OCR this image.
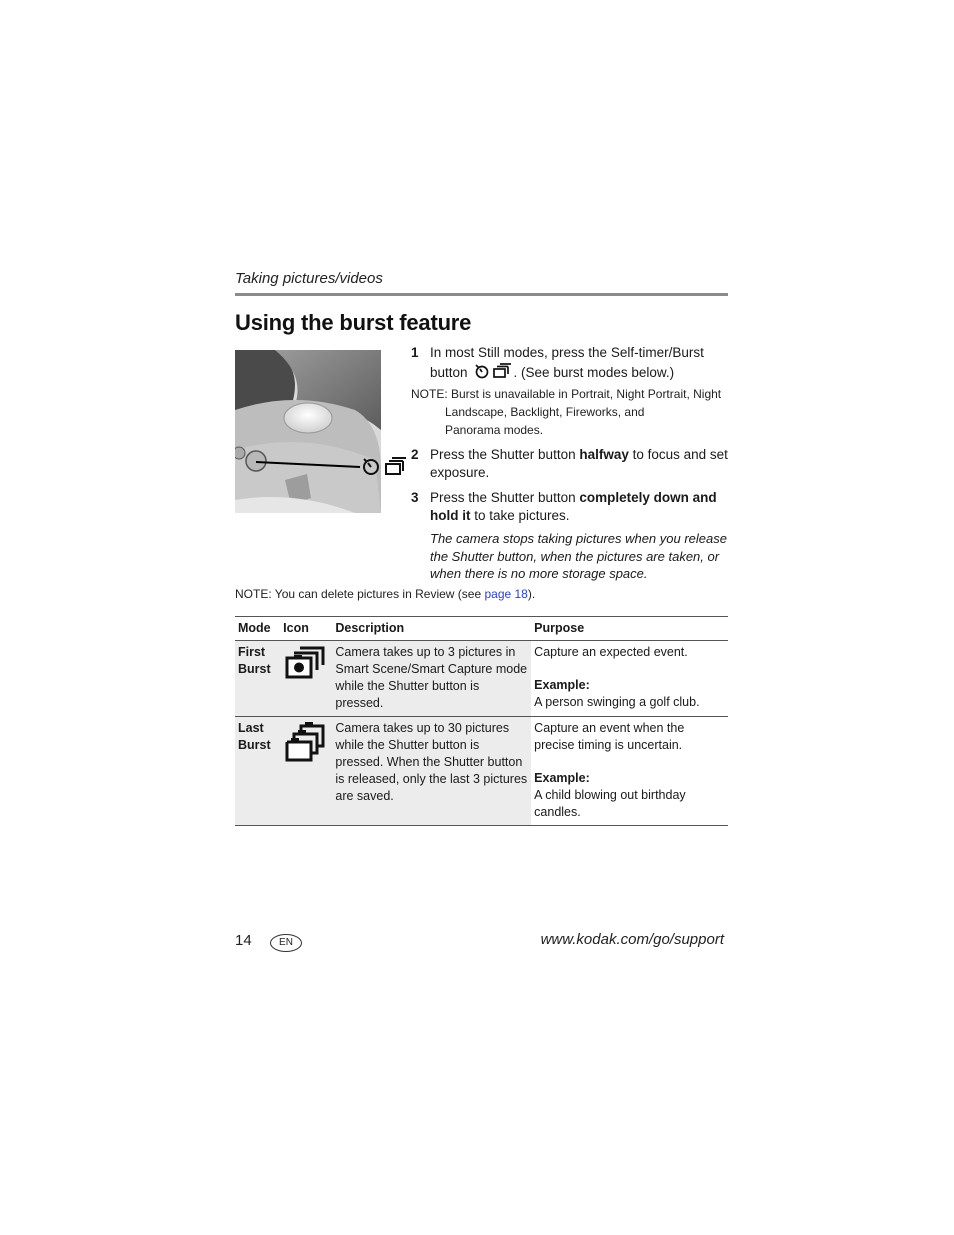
Taking pictures/videos
Using the burst feature
1 In most Still modes, press the Self-timer/Burst button	. (See burst modes below.)
NOTE: Burst is unavailable in Portrait, Night Portrait, Night
Landscape, Backlight, Fireworks, and
Panorama modes.
2 Press the Shutter button halfway to focus and set exposure.
3 Press the Shutter button completely down and hold it to take pictures.
The camera stops taking pictures when you release the Shutter button, when the pictures are taken, or when there is no more storage space.
NOTE: You can delete pictures in Review (see page 18).
Mode	Icon	Description	Purpose
First
Burst		Camera takes up to 3 pictures in Smart Scene/Smart Capture mode while the Shutter button is pressed.	Capture an expected event.
Example:
A person swinging a golf club.
Last
Burst		Camera takes up to 30 pictures while the Shutter button is pressed. When the Shutter button is released, only the last 3 pictures are saved.	Capture an event when the precise timing is uncertain.
Example:
A child blowing out birthday candles.
14	EN	www.kodak.com/go/support
